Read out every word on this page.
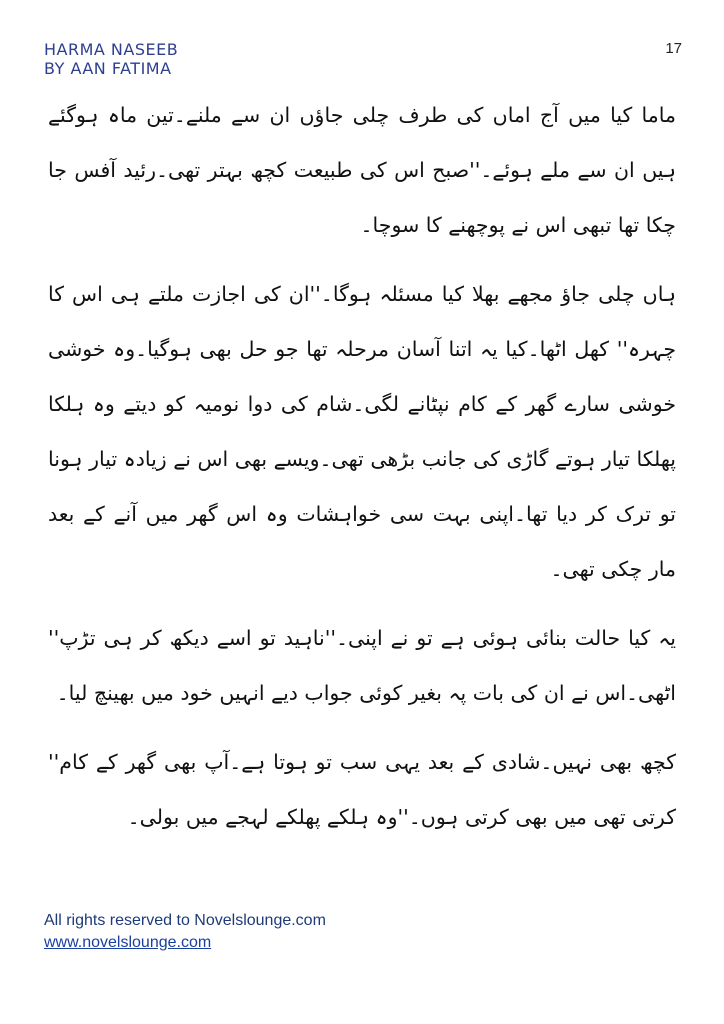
HARMA NASEEB
BY AAN FATIMA
17

ماما کیا میں آج اماں کی طرف چلی جاؤں ان سے ملنے۔تین ماہ ہوگئے ہیں ان سے ملے ہوئے۔''صبح اس کی طبیعت کچھ بہتر تھی۔رئید آفس جا چکا تھا تبھی اس نے پوچھنے کا سوچا۔

ہاں چلی جاؤ مجھے بھلا کیا مسئلہ ہوگا۔''ان کی اجازت ملتے ہی اس کا چہرہ'' کھل اٹھا۔کیا یہ اتنا آسان مرحلہ تھا جو حل بھی ہوگیا۔وہ خوشی خوشی سارے گھر کے کام نپٹانے لگی۔شام کی دوا نومیہ کو دیتے وہ ہلکا پھلکا تیار ہوتے گاڑی کی جانب بڑھی تھی۔ویسے بھی اس نے زیادہ تیار ہونا تو ترک کر دیا تھا۔اپنی بہت سی خواہشات وہ اس گھر میں آنے کے بعد مار چکی تھی۔

یہ کیا حالت بنائی ہوئی ہے تو نے اپنی۔''ناہید تو اسے دیکھ کر ہی تڑپ'' اٹھی۔اس نے ان کی بات پہ بغیر کوئی جواب دیے انہیں خود میں بھینچ لیا۔

کچھ بھی نہیں۔شادی کے بعد یہی سب تو ہوتا ہے۔آپ بھی گھر کے کام'' کرتی تھی میں بھی کرتی ہوں۔''وہ ہلکے پھلکے لہجے میں بولی۔

All rights reserved to Novelslounge.com
www.novelslounge.com
